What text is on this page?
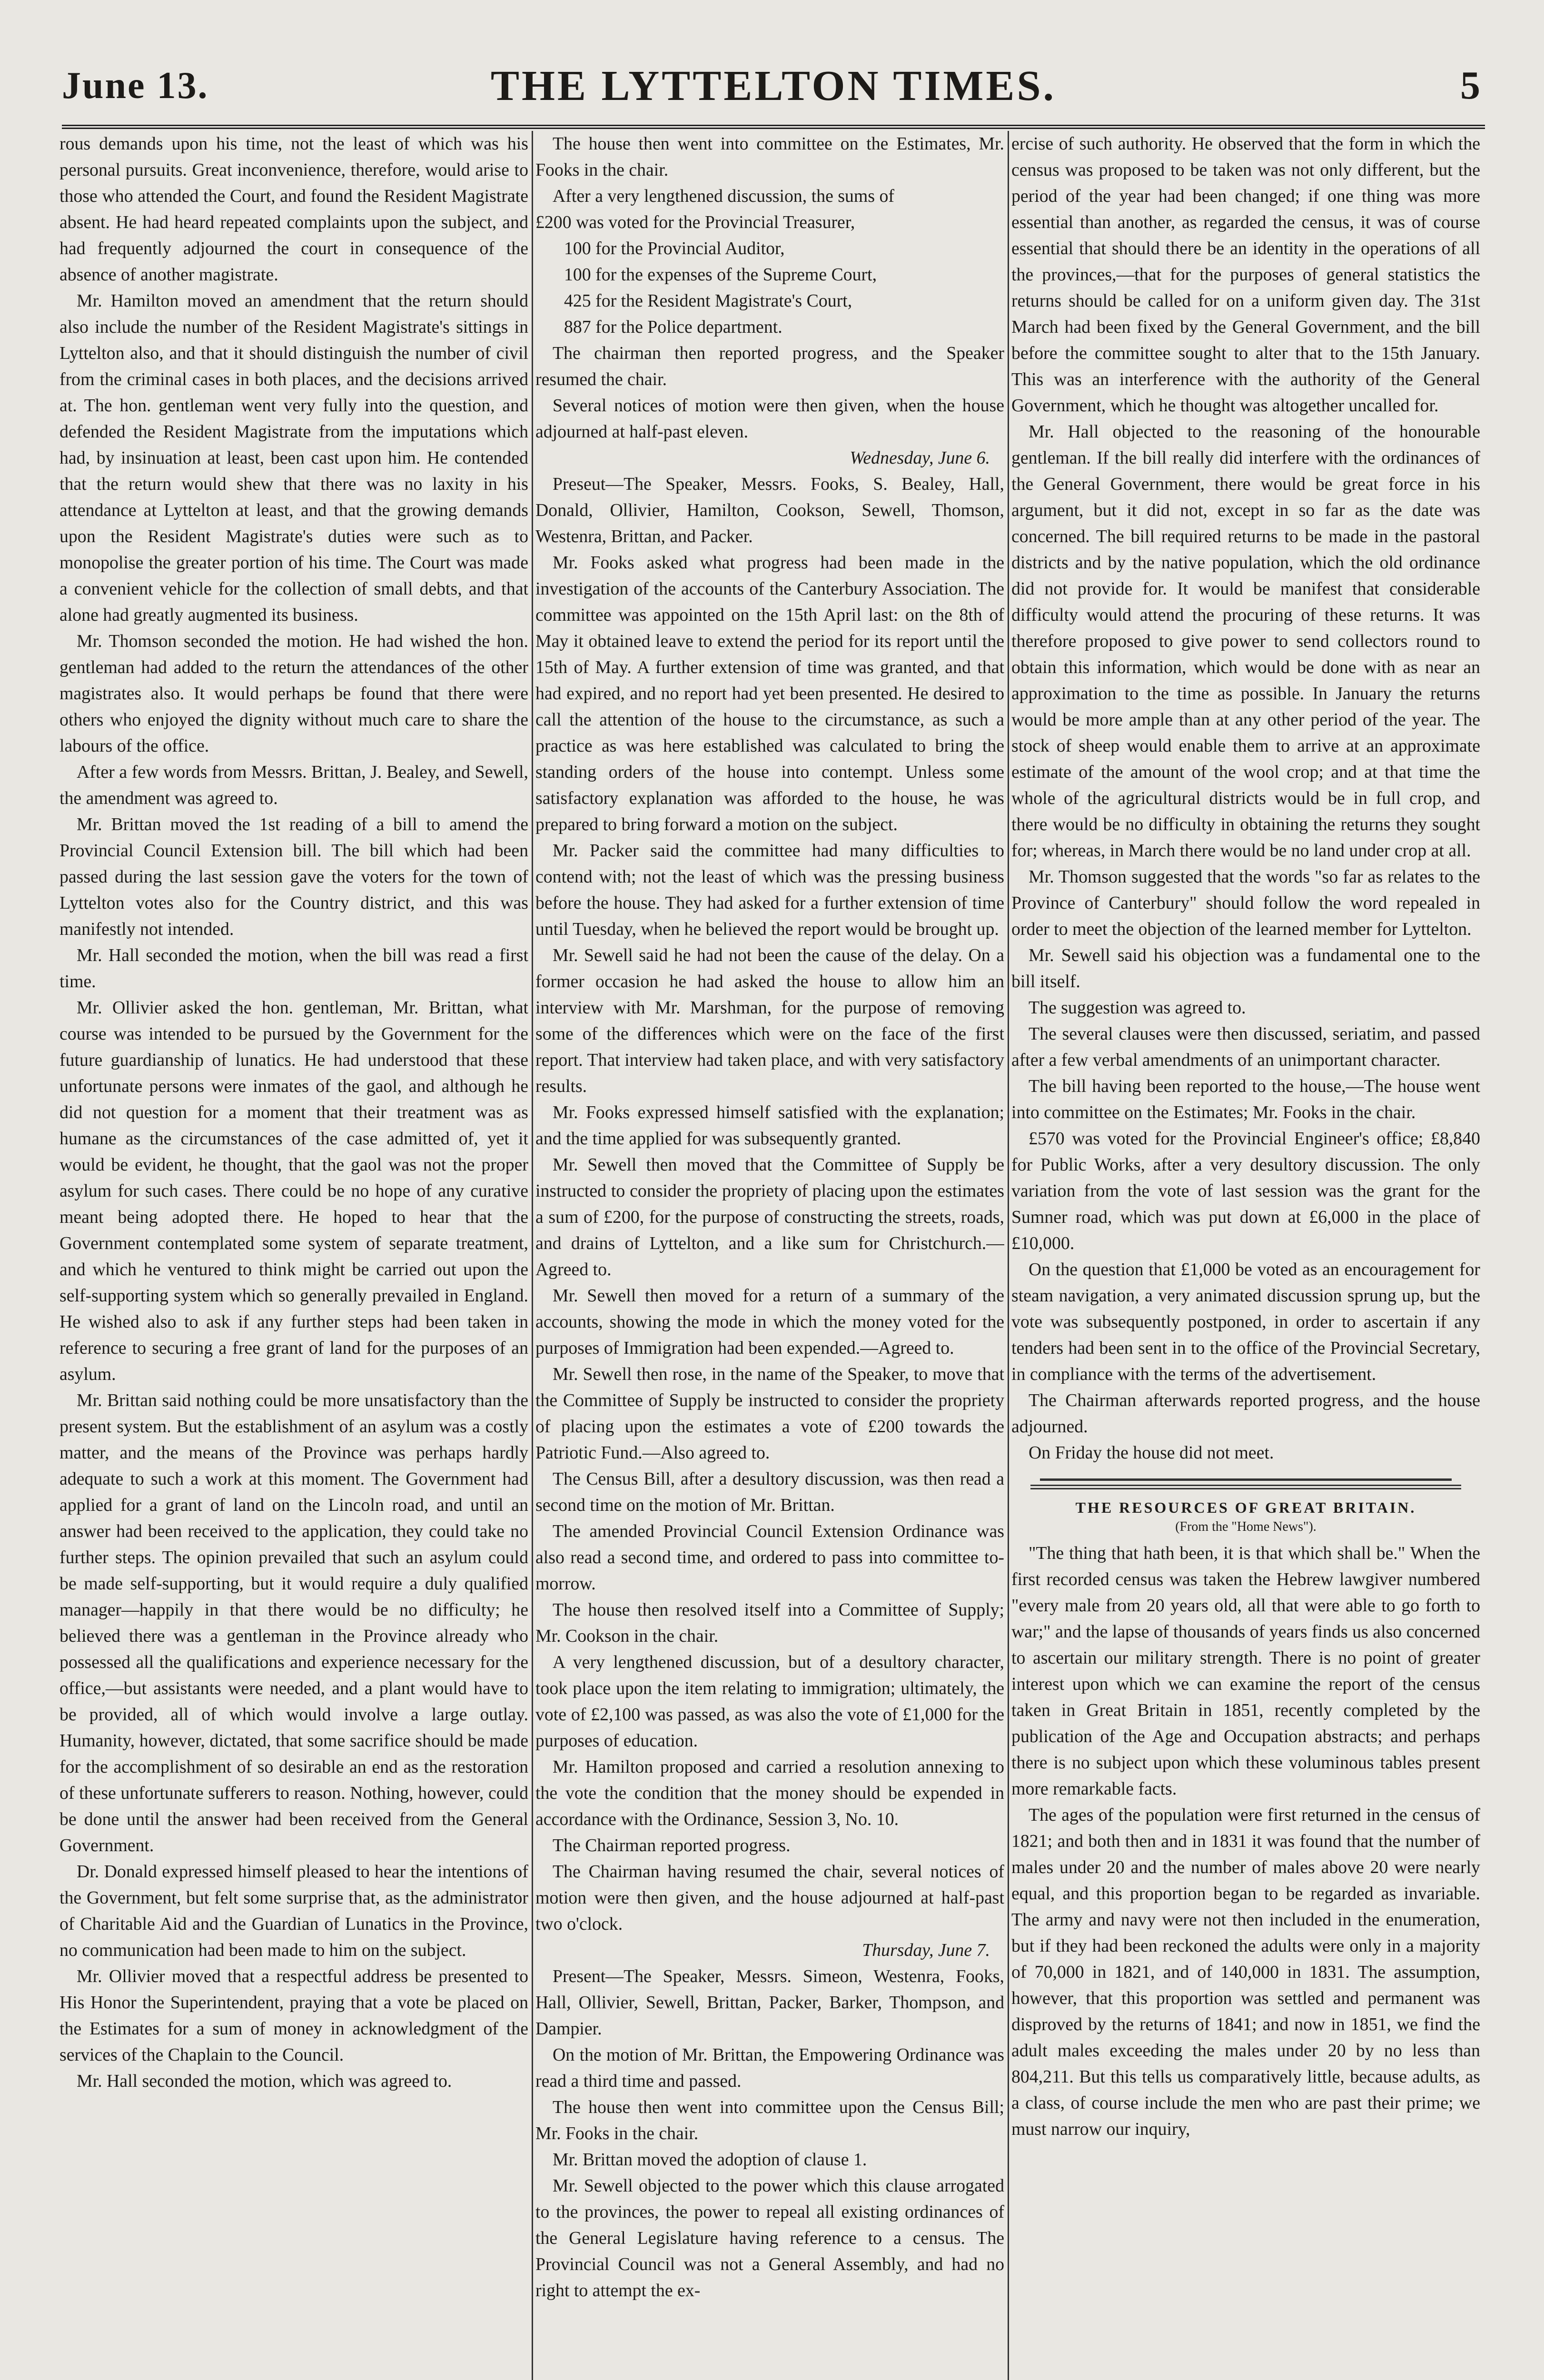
June 13.	THE LYTTELTON TIMES.	5

rous demands upon his time, not the least of which was his personal pursuits. Great inconvenience, therefore, would arise to those who attended the Court, and found the Resident Magistrate absent. He had heard repeated complaints upon the subject, and had frequently adjourned the court in consequence of the absence of another magistrate.

Mr. Hamilton moved an amendment that the return should also include the number of the Resident Magistrate's sittings in Lyttelton also, and that it should distinguish the number of civil from the criminal cases in both places, and the decisions arrived at. The hon. gentleman went very fully into the question, and defended the Resident Magistrate from the imputations which had, by insinuation at least, been cast upon him. He contended that the return would shew that there was no laxity in his attendance at Lyttelton at least, and that the growing demands upon the Resident Magistrate's duties were such as to monopolise the greater portion of his time. The Court was made a convenient vehicle for the collection of small debts, and that alone had greatly augmented its business.

Mr. Thomson seconded the motion. He had wished the hon. gentleman had added to the return the attendances of the other magistrates also. It would perhaps be found that there were others who enjoyed the dignity without much care to share the labours of the office.

After a few words from Messrs. Brittan, J. Bealey, and Sewell, the amendment was agreed to.

Mr. Brittan moved the 1st reading of a bill to amend the Provincial Council Extension bill. The bill which had been passed during the last session gave the voters for the town of Lyttelton votes also for the Country district, and this was manifestly not intended.

Mr. Hall seconded the motion, when the bill was read a first time.

Mr. Ollivier asked the hon. gentleman, Mr. Brittan, what course was intended to be pursued by the Government for the future guardianship of lunatics. He had understood that these unfortunate persons were inmates of the gaol, and although he did not question for a moment that their treatment was as humane as the circumstances of the case admitted of, yet it would be evident, he thought, that the gaol was not the proper asylum for such cases. There could be no hope of any curative meant being adopted there. He hoped to hear that the Government contemplated some system of separate treatment, and which he ventured to think might be carried out upon the self-supporting system which so generally prevailed in England. He wished also to ask if any further steps had been taken in reference to securing a free grant of land for the purposes of an asylum.

Mr. Brittan said nothing could be more unsatisfactory than the present system. But the establishment of an asylum was a costly matter, and the means of the Province was perhaps hardly adequate to such a work at this moment. The Government had applied for a grant of land on the Lincoln road, and until an answer had been received to the application, they could take no further steps. The opinion prevailed that such an asylum could be made self-supporting, but it would require a duly qualified manager—happily in that there would be no difficulty; he believed there was a gentleman in the Province already who possessed all the qualifications and experience necessary for the office,—but assistants were needed, and a plant would have to be provided, all of which would involve a large outlay. Humanity, however, dictated, that some sacrifice should be made for the accomplishment of so desirable an end as the restoration of these unfortunate sufferers to reason. Nothing, however, could be done until the answer had been received from the General Government.

Dr. Donald expressed himself pleased to hear the intentions of the Government, but felt some surprise that, as the administrator of Charitable Aid and the Guardian of Lunatics in the Province, no communication had been made to him on the subject.

Mr. Ollivier moved that a respectful address be presented to His Honor the Superintendent, praying that a vote be placed on the Estimates for a sum of money in acknowledgment of the services of the Chaplain to the Council.

Mr. Hall seconded the motion, which was agreed to.

The house then went into committee on the Estimates, Mr. Fooks in the chair.

After a very lengthened discussion, the sums of

£200 was voted for the Provincial Treasurer,

100 for the Provincial Auditor,

100 for the expenses of the Supreme Court,

425 for the Resident Magistrate's Court,

887 for the Police department.

The chairman then reported progress, and the Speaker resumed the chair.

Several notices of motion were then given, when the house adjourned at half-past eleven.

Wednesday, June 6.

Preseut—The Speaker, Messrs. Fooks, S. Bealey, Hall, Donald, Ollivier, Hamilton, Cookson, Sewell, Thomson, Westenra, Brittan, and Packer.

Mr. Fooks asked what progress had been made in the investigation of the accounts of the Canterbury Association. The committee was appointed on the 15th April last: on the 8th of May it obtained leave to extend the period for its report until the 15th of May. A further extension of time was granted, and that had expired, and no report had yet been presented. He desired to call the attention of the house to the circumstance, as such a practice as was here established was calculated to bring the standing orders of the house into contempt. Unless some satisfactory explanation was afforded to the house, he was prepared to bring forward a motion on the subject.

Mr. Packer said the committee had many difficulties to contend with; not the least of which was the pressing business before the house. They had asked for a further extension of time until Tuesday, when he believed the report would be brought up.

Mr. Sewell said he had not been the cause of the delay. On a former occasion he had asked the house to allow him an interview with Mr. Marshman, for the purpose of removing some of the differences which were on the face of the first report. That interview had taken place, and with very satisfactory results.

Mr. Fooks expressed himself satisfied with the explanation; and the time applied for was subsequently granted.

Mr. Sewell then moved that the Committee of Supply be instructed to consider the propriety of placing upon the estimates a sum of £200, for the purpose of constructing the streets, roads, and drains of Lyttelton, and a like sum for Christchurch.—Agreed to.

Mr. Sewell then moved for a return of a summary of the accounts, showing the mode in which the money voted for the purposes of Immigration had been expended.—Agreed to.

Mr. Sewell then rose, in the name of the Speaker, to move that the Committee of Supply be instructed to consider the propriety of placing upon the estimates a vote of £200 towards the Patriotic Fund.—Also agreed to.

The Census Bill, after a desultory discussion, was then read a second time on the motion of Mr. Brittan.

The amended Provincial Council Extension Ordinance was also read a second time, and ordered to pass into committee to-morrow.

The house then resolved itself into a Committee of Supply; Mr. Cookson in the chair.

A very lengthened discussion, but of a desultory character, took place upon the item relating to immigration; ultimately, the vote of £2,100 was passed, as was also the vote of £1,000 for the purposes of education.

Mr. Hamilton proposed and carried a resolution annexing to the vote the condition that the money should be expended in accordance with the Ordinance, Session 3, No. 10.

The Chairman reported progress.

The Chairman having resumed the chair, several notices of motion were then given, and the house adjourned at half-past two o'clock.

Thursday, June 7.

Present—The Speaker, Messrs. Simeon, Westenra, Fooks, Hall, Ollivier, Sewell, Brittan, Packer, Barker, Thompson, and Dampier.

On the motion of Mr. Brittan, the Empowering Ordinance was read a third time and passed.

The house then went into committee upon the Census Bill; Mr. Fooks in the chair.

Mr. Brittan moved the adoption of clause 1.

Mr. Sewell objected to the power which this clause arrogated to the provinces, the power to repeal all existing ordinances of the General Legislature having reference to a census. The Provincial Council was not a General Assembly, and had no right to attempt the ex-

ercise of such authority. He observed that the form in which the census was proposed to be taken was not only different, but the period of the year had been changed; if one thing was more essential than another, as regarded the census, it was of course essential that should there be an identity in the operations of all the provinces,—that for the purposes of general statistics the returns should be called for on a uniform given day. The 31st March had been fixed by the General Government, and the bill before the committee sought to alter that to the 15th January. This was an interference with the authority of the General Government, which he thought was altogether uncalled for.

Mr. Hall objected to the reasoning of the honourable gentleman. If the bill really did interfere with the ordinances of the General Government, there would be great force in his argument, but it did not, except in so far as the date was concerned. The bill required returns to be made in the pastoral districts and by the native population, which the old ordinance did not provide for. It would be manifest that considerable difficulty would attend the procuring of these returns. It was therefore proposed to give power to send collectors round to obtain this information, which would be done with as near an approximation to the time as possible. In January the returns would be more ample than at any other period of the year. The stock of sheep would enable them to arrive at an approximate estimate of the amount of the wool crop; and at that time the whole of the agricultural districts would be in full crop, and there would be no difficulty in obtaining the returns they sought for; whereas, in March there would be no land under crop at all.

Mr. Thomson suggested that the words "so far as relates to the Province of Canterbury" should follow the word repealed in order to meet the objection of the learned member for Lyttelton.

Mr. Sewell said his objection was a fundamental one to the bill itself.

The suggestion was agreed to.

The several clauses were then discussed, seriatim, and passed after a few verbal amendments of an unimportant character.

The bill having been reported to the house,—The house went into committee on the Estimates; Mr. Fooks in the chair.

£570 was voted for the Provincial Engineer's office; £8,840 for Public Works, after a very desultory discussion. The only variation from the vote of last session was the grant for the Sumner road, which was put down at £6,000 in the place of £10,000.

On the question that £1,000 be voted as an encouragement for steam navigation, a very animated discussion sprung up, but the vote was subsequently postponed, in order to ascertain if any tenders had been sent in to the office of the Provincial Secretary, in compliance with the terms of the advertisement.

The Chairman afterwards reported progress, and the house adjourned.

On Friday the house did not meet.

THE RESOURCES OF GREAT BRITAIN.
(From the "Home News").

"The thing that hath been, it is that which shall be." When the first recorded census was taken the Hebrew lawgiver numbered "every male from 20 years old, all that were able to go forth to war;" and the lapse of thousands of years finds us also concerned to ascertain our military strength. There is no point of greater interest upon which we can examine the report of the census taken in Great Britain in 1851, recently completed by the publication of the Age and Occupation abstracts; and perhaps there is no subject upon which these voluminous tables present more remarkable facts.

The ages of the population were first returned in the census of 1821; and both then and in 1831 it was found that the number of males under 20 and the number of males above 20 were nearly equal, and this proportion began to be regarded as invariable. The army and navy were not then included in the enumeration, but if they had been reckoned the adults were only in a majority of 70,000 in 1821, and of 140,000 in 1831. The assumption, however, that this proportion was settled and permanent was disproved by the returns of 1841; and now in 1851, we find the adult males exceeding the males under 20 by no less than 804,211. But this tells us comparatively little, because adults, as a class, of course include the men who are past their prime; we must narrow our inquiry,
